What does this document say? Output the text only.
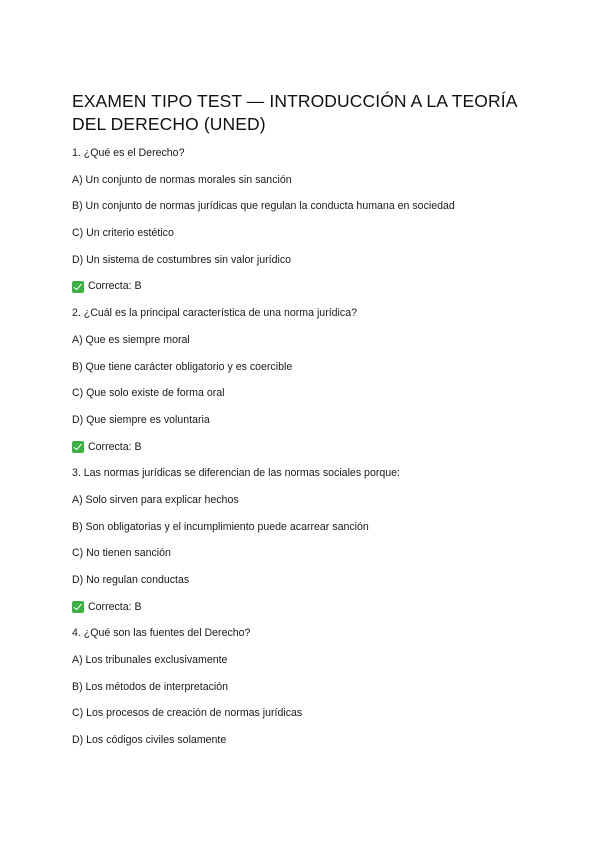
EXAMEN TIPO TEST — INTRODUCCIÓN A LA TEORÍA DEL DERECHO (UNED)
1. ¿Qué es el Derecho?
A) Un conjunto de normas morales sin sanción
B) Un conjunto de normas jurídicas que regulan la conducta humana en sociedad
C) Un criterio estético
D) Un sistema de costumbres sin valor jurídico
Correcta: B
2. ¿Cuál es la principal característica de una norma jurídica?
A) Que es siempre moral
B) Que tiene carácter obligatorio y es coercible
C) Que solo existe de forma oral
D) Que siempre es voluntaria
Correcta: B
3. Las normas jurídicas se diferencian de las normas sociales porque:
A) Solo sirven para explicar hechos
B) Son obligatorias y el incumplimiento puede acarrear sanción
C) No tienen sanción
D) No regulan conductas
Correcta: B
4. ¿Qué son las fuentes del Derecho?
A) Los tribunales exclusivamente
B) Los métodos de interpretación
C) Los procesos de creación de normas jurídicas
D) Los códigos civiles solamente
